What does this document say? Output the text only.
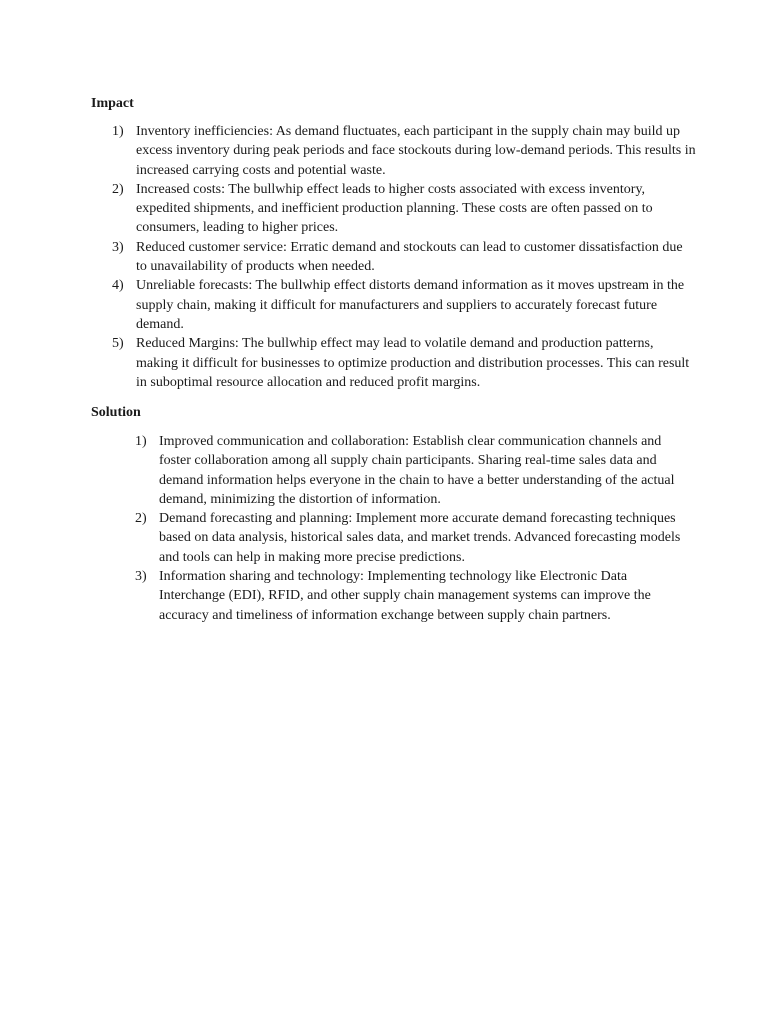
Impact
1) Inventory inefficiencies: As demand fluctuates, each participant in the supply chain may build up excess inventory during peak periods and face stockouts during low-demand periods. This results in increased carrying costs and potential waste.
2) Increased costs: The bullwhip effect leads to higher costs associated with excess inventory, expedited shipments, and inefficient production planning. These costs are often passed on to consumers, leading to higher prices.
3) Reduced customer service: Erratic demand and stockouts can lead to customer dissatisfaction due to unavailability of products when needed.
4) Unreliable forecasts: The bullwhip effect distorts demand information as it moves upstream in the supply chain, making it difficult for manufacturers and suppliers to accurately forecast future demand.
5) Reduced Margins: The bullwhip effect may lead to volatile demand and production patterns, making it difficult for businesses to optimize production and distribution processes. This can result in suboptimal resource allocation and reduced profit margins.
Solution
1) Improved communication and collaboration: Establish clear communication channels and foster collaboration among all supply chain participants. Sharing real-time sales data and demand information helps everyone in the chain to have a better understanding of the actual demand, minimizing the distortion of information.
2) Demand forecasting and planning: Implement more accurate demand forecasting techniques based on data analysis, historical sales data, and market trends. Advanced forecasting models and tools can help in making more precise predictions.
3) Information sharing and technology: Implementing technology like Electronic Data Interchange (EDI), RFID, and other supply chain management systems can improve the accuracy and timeliness of information exchange between supply chain partners.
